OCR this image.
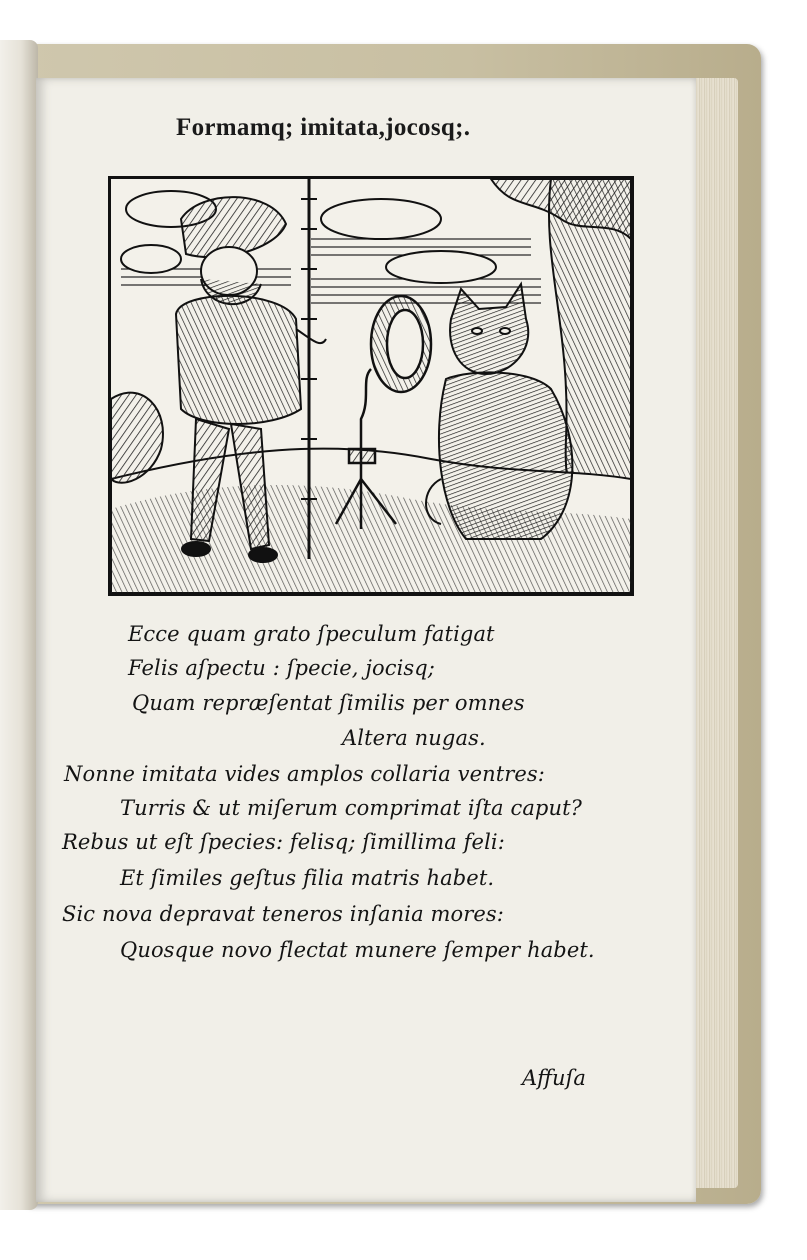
Formamq; imitata,jocosq;.
Ecce quam grato ſpeculum fatigat
Felis aſpectu : ſpecie, jocisq;
Quam repræſentat ſimilis per omnes
Altera nugas.
Nonne imitata vides amplos collaria ventres:
Turris & ut miſerum comprimat iſta caput?
Rebus ut eſt ſpecies: felisq; ſimillima feli:
Et ſimiles geſtus filia matris habet.
Sic nova depravat teneros inſania mores:
Quosque novo flectat munere ſemper habet.
Affuſa
